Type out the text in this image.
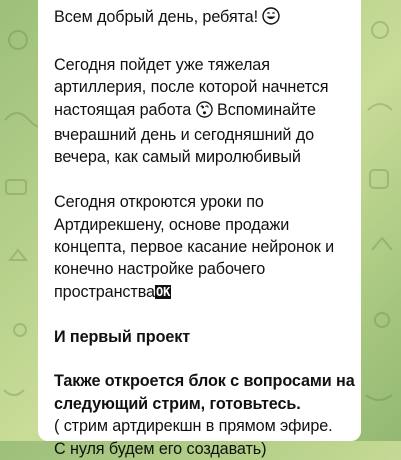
Всем добрый день, ребята!

Сегодня пойдет уже тяжелая
артиллерия, после которой начнется
настоящая работа Вспоминайте
вчерашний день и сегодняшний до
вечера, как самый миролюбивый

Сегодня откроются уроки по
Артдирекшену, основе продажи
концепта, первое касание нейронок и
конечно настройке рабочего
пространстваOK

И первый проект

Также откроется блок с вопросами на
следующий стрим, готовьтесь.
( стрим артдирекшн в прямом эфире.
С нуля будем его создавать)
